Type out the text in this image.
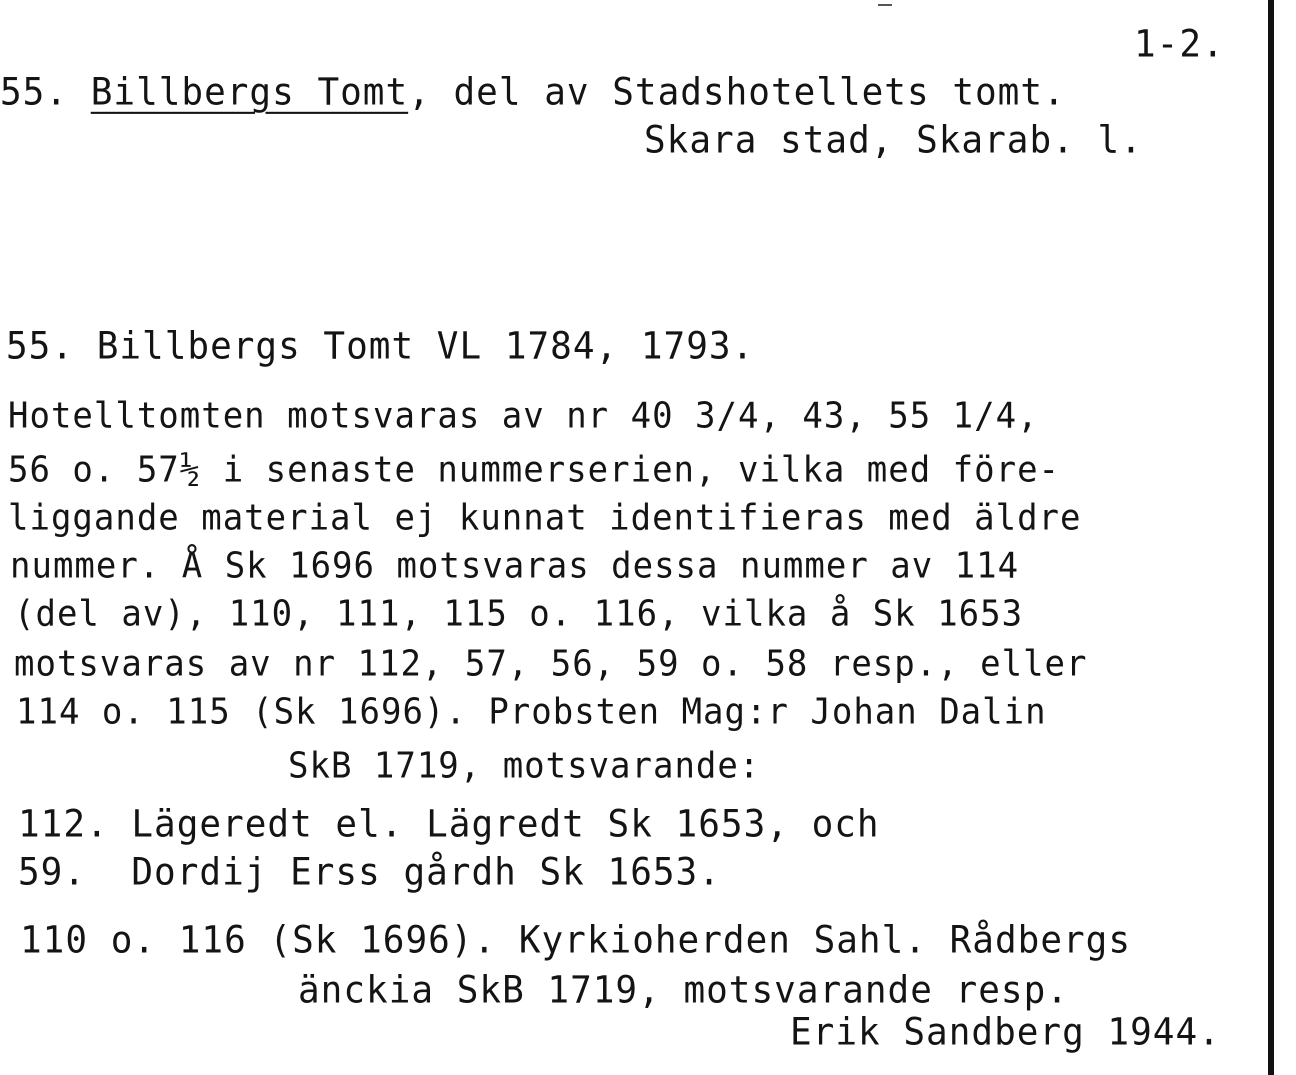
1-2.
55. Billbergs Tomt, del av Stadshotellets tomt.
Skara stad, Skarab. l.
55. Billbergs Tomt VL 1784, 1793.
Hotelltomten motsvaras av nr 40 3/4, 43, 55 1/4,
56 o. 57½ i senaste nummerserien, vilka med före-
liggande material ej kunnat identifieras med äldre
nummer. Å Sk 1696 motsvaras dessa nummer av 114
(del av), 110, 111, 115 o. 116, vilka å Sk 1653
motsvaras av nr 112, 57, 56, 59 o. 58 resp., eller
114 o. 115 (Sk 1696). Probsten Mag:r Johan Dalin
SkB 1719, motsvarande:
112. Lägeredt el. Lägredt Sk 1653, och
59.  Dordij Erss gårdh Sk 1653.
110 o. 116 (Sk 1696). Kyrkioherden Sahl. Rådbergs
änckia SkB 1719, motsvarande resp.
Erik Sandberg 1944.
